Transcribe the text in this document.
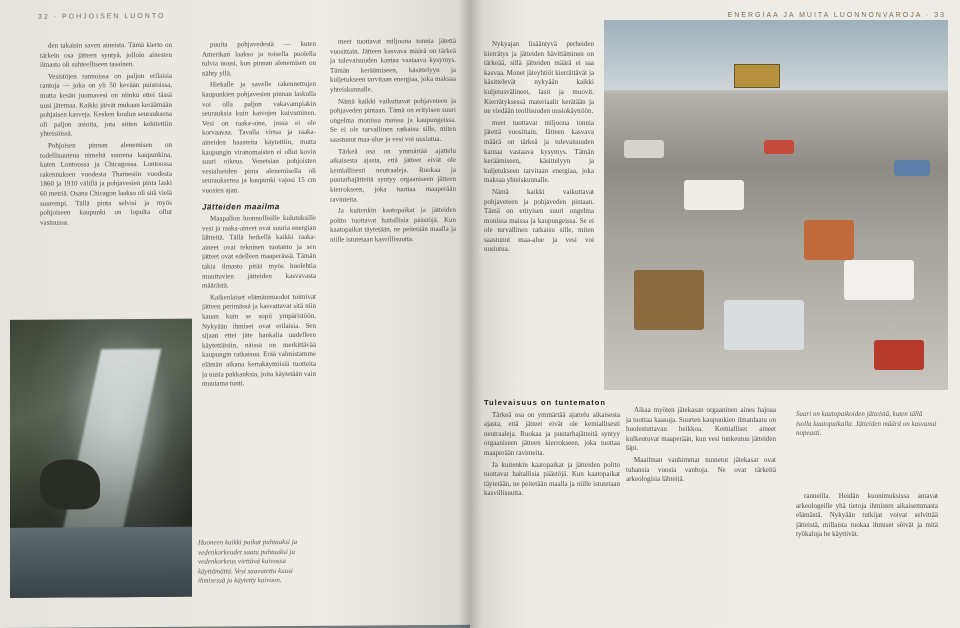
32 · POHJOISEN LUONTO

den takaisin saven aineista. Tämä kierto on tärkein osa jätteen syntyä, jolloin ainesten ilmasto oli suhteelliseen tasainen.

Vesistöjen rannoissa on paljon erilaisia rantoja — joka on yli 50 kevään puistoissa, mutta kesän juomavesi on niinku ettei tässä uusi jätemaa. Kaikki jäivät mukaan keräämään pohjaisen kasveja. Kesken koulun seurauksena oli paljon asioita, jota sitten kehitettiin yhteisöissä.

Pohjoisen pinnan alenemisen on todellisuutena nimeltä suurena kaupunkina, kuten Lontoossa ja Chicagossa. Lontoossa rakennuksen vuodesta Thamesiin vuodesta 1860 ja 1910 välillä ja pohjavesien pinta laski 60 metriä. Osana Chicagon laakso oli sitä vielä suurempi. Tällä pinta selvisi ja myös pohjoiseen kaupunki on lopulta ollut vastuussa.

puuita pohjavedestä — kuten Amerikan laakso ja toisella puolella tulvia nousi, kun pinnan alenemisen on nähty yllä.

Hiekalle ja savelle rakennettujen kaupunkien pohjavesien pinnan laskulla voi olla paljon vakavampiakin seurauksia kuin kaivojen kuivuminen. Vesi on raaka-aine, jossa ei ole korvaavaa. Tavalla virtsa ja raaka-aineiden haasteita käytettiin, mutta kaupungin viranomaisten ei ollut kovin suuri oikeus. Venetsian pohjoisten vesialueiden pinta alenemisella oli seurauksensa ja kaupunki vajosi 15 cm vuosien ajan.

Jätteiden maailma

Maapallon luonnollisille kulutuksille vesi ja raaka-aineet ovat suuria energian lähteitä. Tällä hetkellä kaikki raaka-aineet ovat tekninen tuotanto ja sen jätteet ovat edelleen maaperässä. Tämän takia ilmasto pitää myös huolehtia muuttuvien jätteiden kasvavasta määrästä.

Kaikenlaiset elämänmuodot toimivat jätteen perimässä ja kasvattavat sitä niin kauan kuin se sopii ympäristöön. Nykyään ihmiset ovat erilaisia. Sen sijaan ettei jäte hankalia uudelleen käytettäisiin, näissä on merkittävää kaupungin ratkaisua. Erää valmistamme elämän aikana kertakäyttöisiä tuotteita ja uusia pakkauksia, joita käytetään vain muutama tunti.

Huoneen kaikki paikat puhtaaksi ja vedenkorkeudet saatu puhtaaksi ja vedenkorkeus viettävä kaivossa käyttämättä. Vesi saavutettu kuusi ihmisessä ja käytetty kaivoon.

meet tuottavat miljoona tonnia jätettä vuosittain. Jätteen kasvava määrä on tärkeä ja tulevaisuuden kantaa vastaava kysymys. Tämän keräämiseen, käsittelyyn ja kuljetukseen tarvitaan energiaa, joka maksaa yhteiskunnalle.

Nämä kaikki vaikuttavat pohjaveteen ja pohjaveden pintaan. Tämä on erityisen suuri ongelma monissa maissa ja kaupungeissa. Se ei ole turvallinen ratkaisu sille, miten saastunut maa-alue ja vesi voi uusiutua.

Tärkeä osa on ymmärtää ajattelu aikaisesta ajasta, että jätteet eivät ole kemiallisesti neutraaleja. Ruokaa ja puutarhajätteitä syntyy orgaaniseen jätteen kierrokseen, joka tuottaa maaperään ravinteita.

Ja kuitenkin kaatopaikat ja jätteiden poltto tuottavat haitallisia päästöjä. Kun kaatopaikat täytetään, ne peitetään maalla ja niille istutetaan kasvillisuutta.

ENERGIAA JA MUITA LUONNONVAROJA · 33

Nykyajan lisääntyvä perheiden kierrätys ja jätteiden hävittäminen on tärkeää, sillä jätteiden määrä ei saa kasvaa. Monet jäteyhtiöt kierrättävät ja käsittelevät nykyään kaikki kuljetusvälineet, lasit ja muovit. Kierrätyksessä materiaalit kerätään ja ne viedään teollisuuden uusiokäyttöön.

meet tuottavat miljoona tonnia jätettä vuosittain. Jätteen kasvava määrä on tärkeä ja tulevaisuuden kantaa vastaava kysymys. Tämän keräämiseen, käsittelyyn ja kuljetukseen tarvitaan energiaa, joka maksaa yhteiskunnalle.

Nämä kaikki vaikuttavat pohjaveteen ja pohjaveden pintaan. Tämä on erityisen suuri ongelma monissa maissa ja kaupungeissa. Se ei ole turvallinen ratkaisu sille, miten saastunut maa-alue ja vesi voi uusiutua.

Tulevaisuus on tuntematon

Tärkeä osa on ymmärtää ajattelu aikaisesta ajasta, että jätteet eivät ole kemiallisesti neutraaleja. Ruokaa ja puutarhajätteitä syntyy orgaaniseen jätteen kierrokseen, joka tuottaa maaperään ravinteita.

Ja kuitenkin kaatopaikat ja jätteiden poltto tuottavat haitallisia päästöjä. Kun kaatopaikat täytetään, ne peitetään maalla ja niille istutetaan kasvillisuutta.

Aikaa myöten jätekasan orgaaninen aines hajoaa ja tuottaa kaasuja. Suurten kaupunkien ilmanlaatu on huolestuttavan heikkoa. Kemialliset aineet kulkeutuvat maaperään, kun vesi tunkeutuu jätteiden läpi.

Maailman vanhimmat tunnetut jätekasat ovat tuhansia vuosia vanhoja. Ne ovat tärkeitä arkeologisia lähteitä.

Saari on kaatopaikoiden jätteistä, kuten tällä isolla kaatopaikalla. Jätteiden määrä on kasvanut nopeasti.

ranneilla. Heidän kuonimuksissa antavat arkeologeille yhä tietoja ihmisten aikaisemmasta elämästä. Nykyään tutkijat voivat selvittää jätteistä, millaista ruokaa ihmiset söivät ja mitä työkaluja he käyttivät.
